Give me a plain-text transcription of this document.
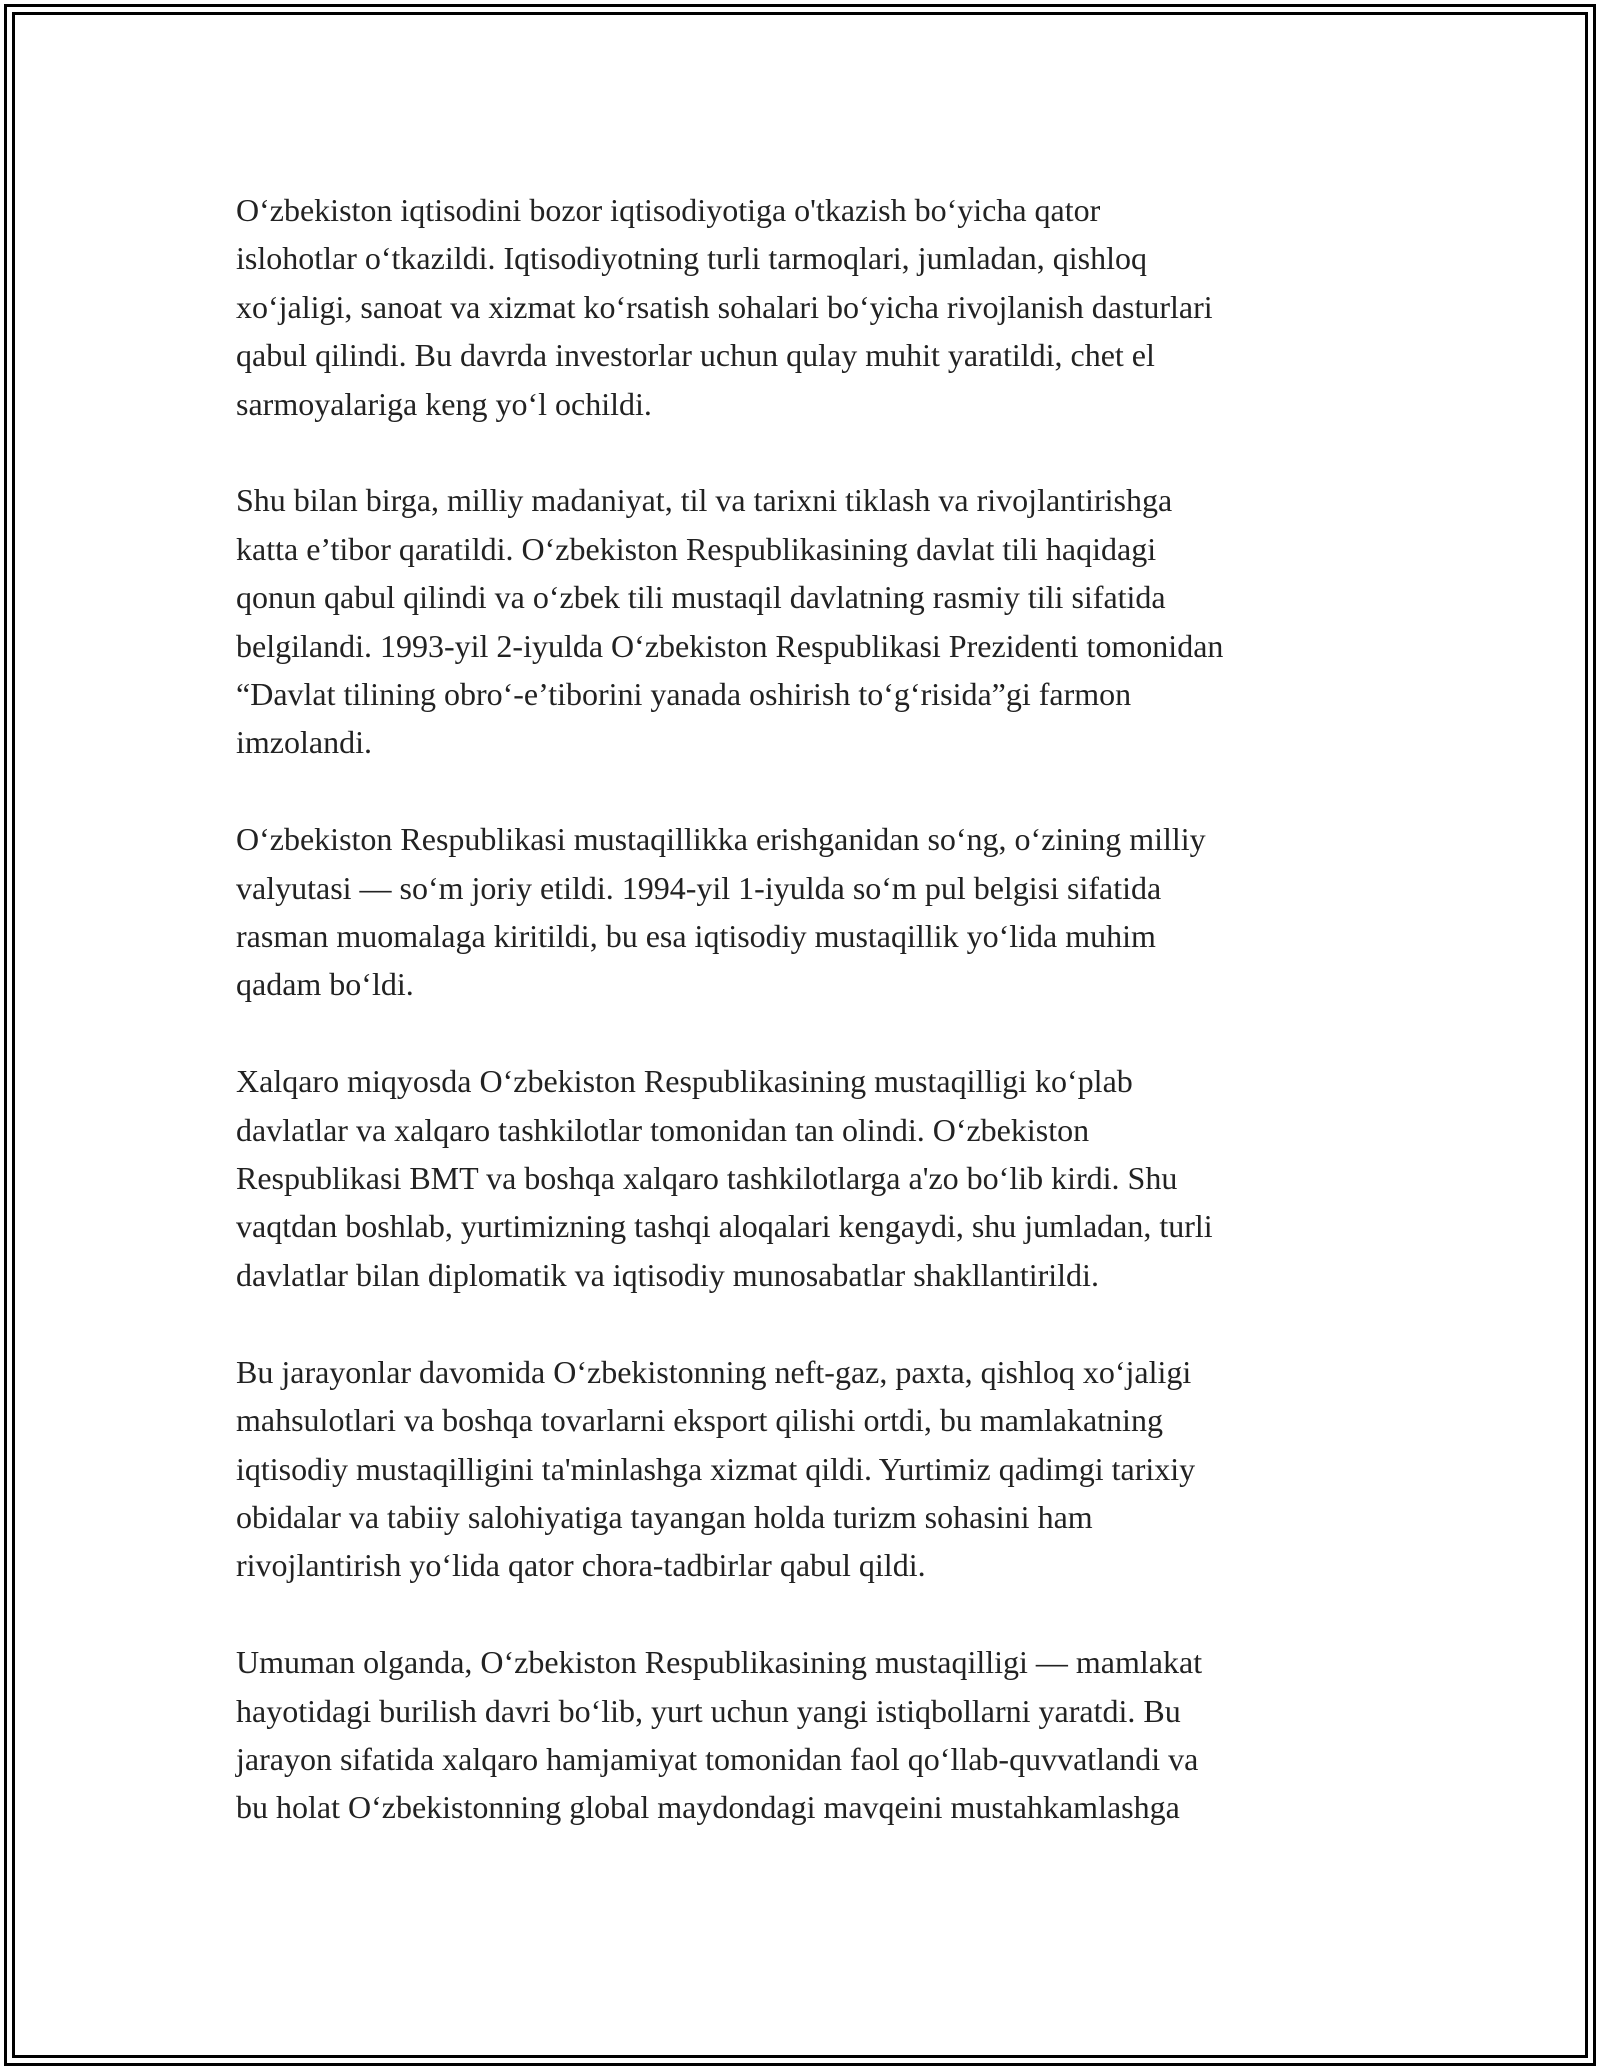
O‘zbekiston iqtisodini bozor iqtisodiyotiga o'tkazish bo‘yicha qator
islohotlar o‘tkazildi. Iqtisodiyotning turli tarmoqlari, jumladan, qishloq
xo‘jaligi, sanoat va xizmat ko‘rsatish sohalari bo‘yicha rivojlanish dasturlari
qabul qilindi. Bu davrda investorlar uchun qulay muhit yaratildi, chet el
sarmoyalariga keng yo‘l ochildi.

Shu bilan birga, milliy madaniyat, til va tarixni tiklash va rivojlantirishga
katta e’tibor qaratildi. O‘zbekiston Respublikasining davlat tili haqidagi
qonun qabul qilindi va o‘zbek tili mustaqil davlatning rasmiy tili sifatida
belgilandi. 1993-yil 2-iyulda O‘zbekiston Respublikasi Prezidenti tomonidan
“Davlat tilining obro‘-e’tiborini yanada oshirish to‘g‘risida”gi farmon
imzolandi.

O‘zbekiston Respublikasi mustaqillikka erishganidan so‘ng, o‘zining milliy
valyutasi — so‘m joriy etildi. 1994-yil 1-iyulda so‘m pul belgisi sifatida
rasman muomalaga kiritildi, bu esa iqtisodiy mustaqillik yo‘lida muhim
qadam bo‘ldi.

Xalqaro miqyosda O‘zbekiston Respublikasining mustaqilligi ko‘plab
davlatlar va xalqaro tashkilotlar tomonidan tan olindi. O‘zbekiston
Respublikasi BMT va boshqa xalqaro tashkilotlarga a'zo bo‘lib kirdi. Shu
vaqtdan boshlab, yurtimizning tashqi aloqalari kengaydi, shu jumladan, turli
davlatlar bilan diplomatik va iqtisodiy munosabatlar shakllantirildi.

Bu jarayonlar davomida O‘zbekistonning neft-gaz, paxta, qishloq xo‘jaligi
mahsulotlari va boshqa tovarlarni eksport qilishi ortdi, bu mamlakatning
iqtisodiy mustaqilligini ta'minlashga xizmat qildi. Yurtimiz qadimgi tarixiy
obidalar va tabiiy salohiyatiga tayangan holda turizm sohasini ham
rivojlantirish yo‘lida qator chora-tadbirlar qabul qildi.

Umuman olganda, O‘zbekiston Respublikasining mustaqilligi — mamlakat
hayotidagi burilish davri bo‘lib, yurt uchun yangi istiqbollarni yaratdi. Bu
jarayon sifatida xalqaro hamjamiyat tomonidan faol qo‘llab-quvvatlandi va
bu holat O‘zbekistonning global maydondagi mavqeini mustahkamlashga
